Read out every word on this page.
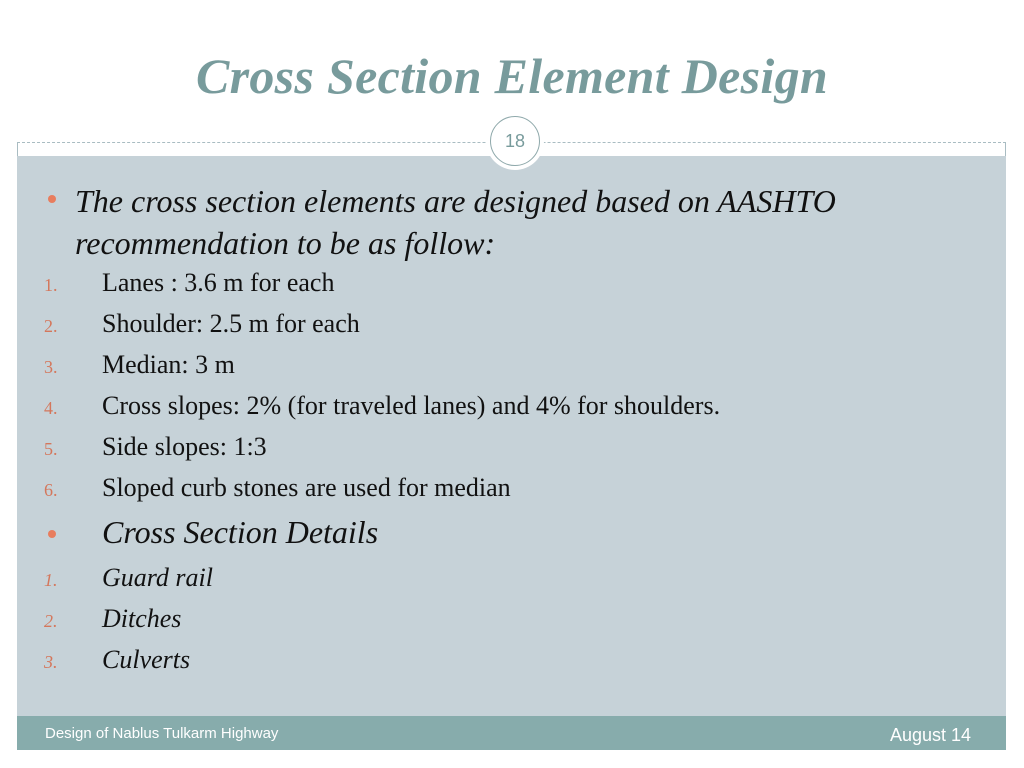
Cross Section Element Design
18
The cross section elements are designed based on AASHTO recommendation to be as follow:
1. Lanes : 3.6 m for each
2. Shoulder: 2.5 m for each
3. Median: 3 m
4. Cross slopes: 2% (for traveled lanes) and 4% for shoulders.
5. Side slopes: 1:3
6. Sloped curb stones are used for median
Cross Section Details
1. Guard rail
2. Ditches
3. Culverts
Design of Nablus Tulkarm Highway	August 14
